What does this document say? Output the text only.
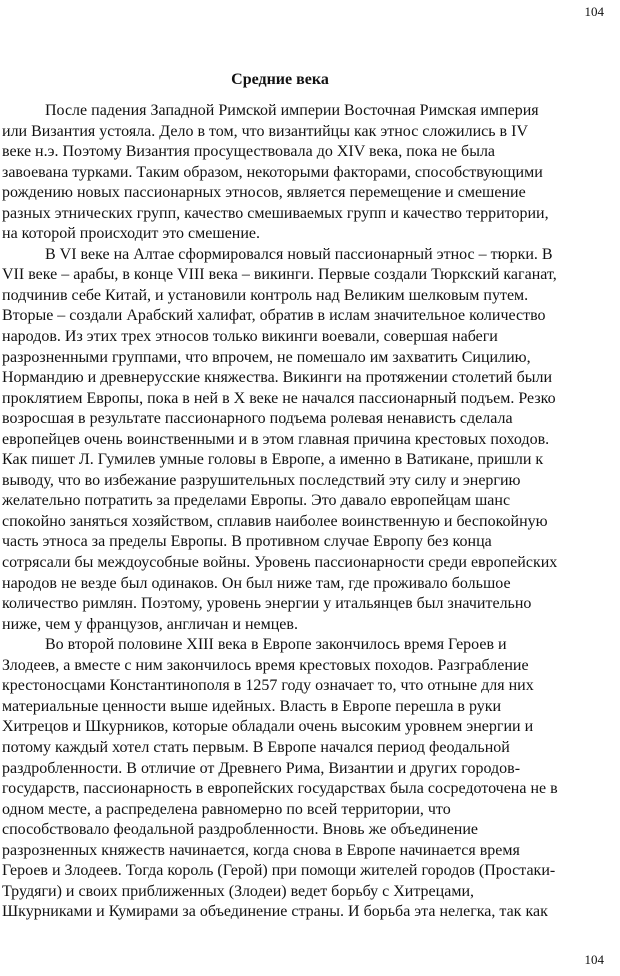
104
Средние века
После падения Западной Римской империи Восточная Римская империя
или Византия устояла. Дело в том, что византийцы как этнос сложились в IV
веке н.э. Поэтому Византия просуществовала до XIV века, пока не была
завоевана турками. Таким образом, некоторыми факторами, способствующими
рождению новых пассионарных этносов, является перемещение и смешение
разных этнических групп, качество смешиваемых групп и качество территории,
на которой происходит это смешение.
В VI веке на Алтае сформировался новый пассионарный этнос – тюрки. В
VII веке – арабы, в конце VIII века – викинги. Первые создали Тюркский каганат,
подчинив себе Китай, и установили контроль над Великим шелковым путем.
Вторые – создали Арабский халифат, обратив в ислам значительное количество
народов. Из этих трех этносов только викинги воевали, совершая набеги
разрозненными группами, что впрочем, не помешало им захватить Сицилию,
Нормандию и древнерусские княжества. Викинги на протяжении столетий были
проклятием Европы, пока в ней в X веке не начался пассионарный подъем. Резко
возросшая в результате пассионарного подъема ролевая ненависть сделала
европейцев очень воинственными и в этом главная причина крестовых походов.
Как пишет Л. Гумилев умные головы в Европе, а именно в Ватикане, пришли к
выводу, что во избежание разрушительных последствий эту силу и энергию
желательно потратить за пределами Европы. Это давало европейцам шанс
спокойно заняться хозяйством, сплавив наиболее воинственную и беспокойную
часть этноса за пределы Европы. В противном случае Европу без конца
сотрясали бы междоусобные войны. Уровень пассионарности среди европейских
народов не везде был одинаков. Он был ниже там, где проживало большое
количество римлян. Поэтому, уровень энергии у итальянцев был значительно
ниже, чем у французов, англичан и немцев.
Во второй половине XIII века в Европе закончилось время Героев и
Злодеев, а вместе с ним закончилось время крестовых походов. Разграбление
крестоносцами Константинополя в 1257 году означает то, что отныне для них
материальные ценности выше идейных. Власть в Европе перешла в руки
Хитрецов и Шкурников, которые обладали очень высоким уровнем энергии и
потому каждый хотел стать первым. В Европе начался период феодальной
раздробленности. В отличие от Древнего Рима, Византии и других городов-
государств, пассионарность в европейских государствах была сосредоточена не в
одном месте, а распределена равномерно по всей территории, что
способствовало феодальной раздробленности. Вновь же объединение
разрозненных княжеств начинается, когда снова в Европе начинается время
Героев и Злодеев. Тогда король (Герой) при помощи жителей городов (Простаки-
Трудяги) и своих приближенных (Злодеи) ведет борьбу с Хитрецами,
Шкурниками и Кумирами за объединение страны. И борьба эта нелегка, так как
104
